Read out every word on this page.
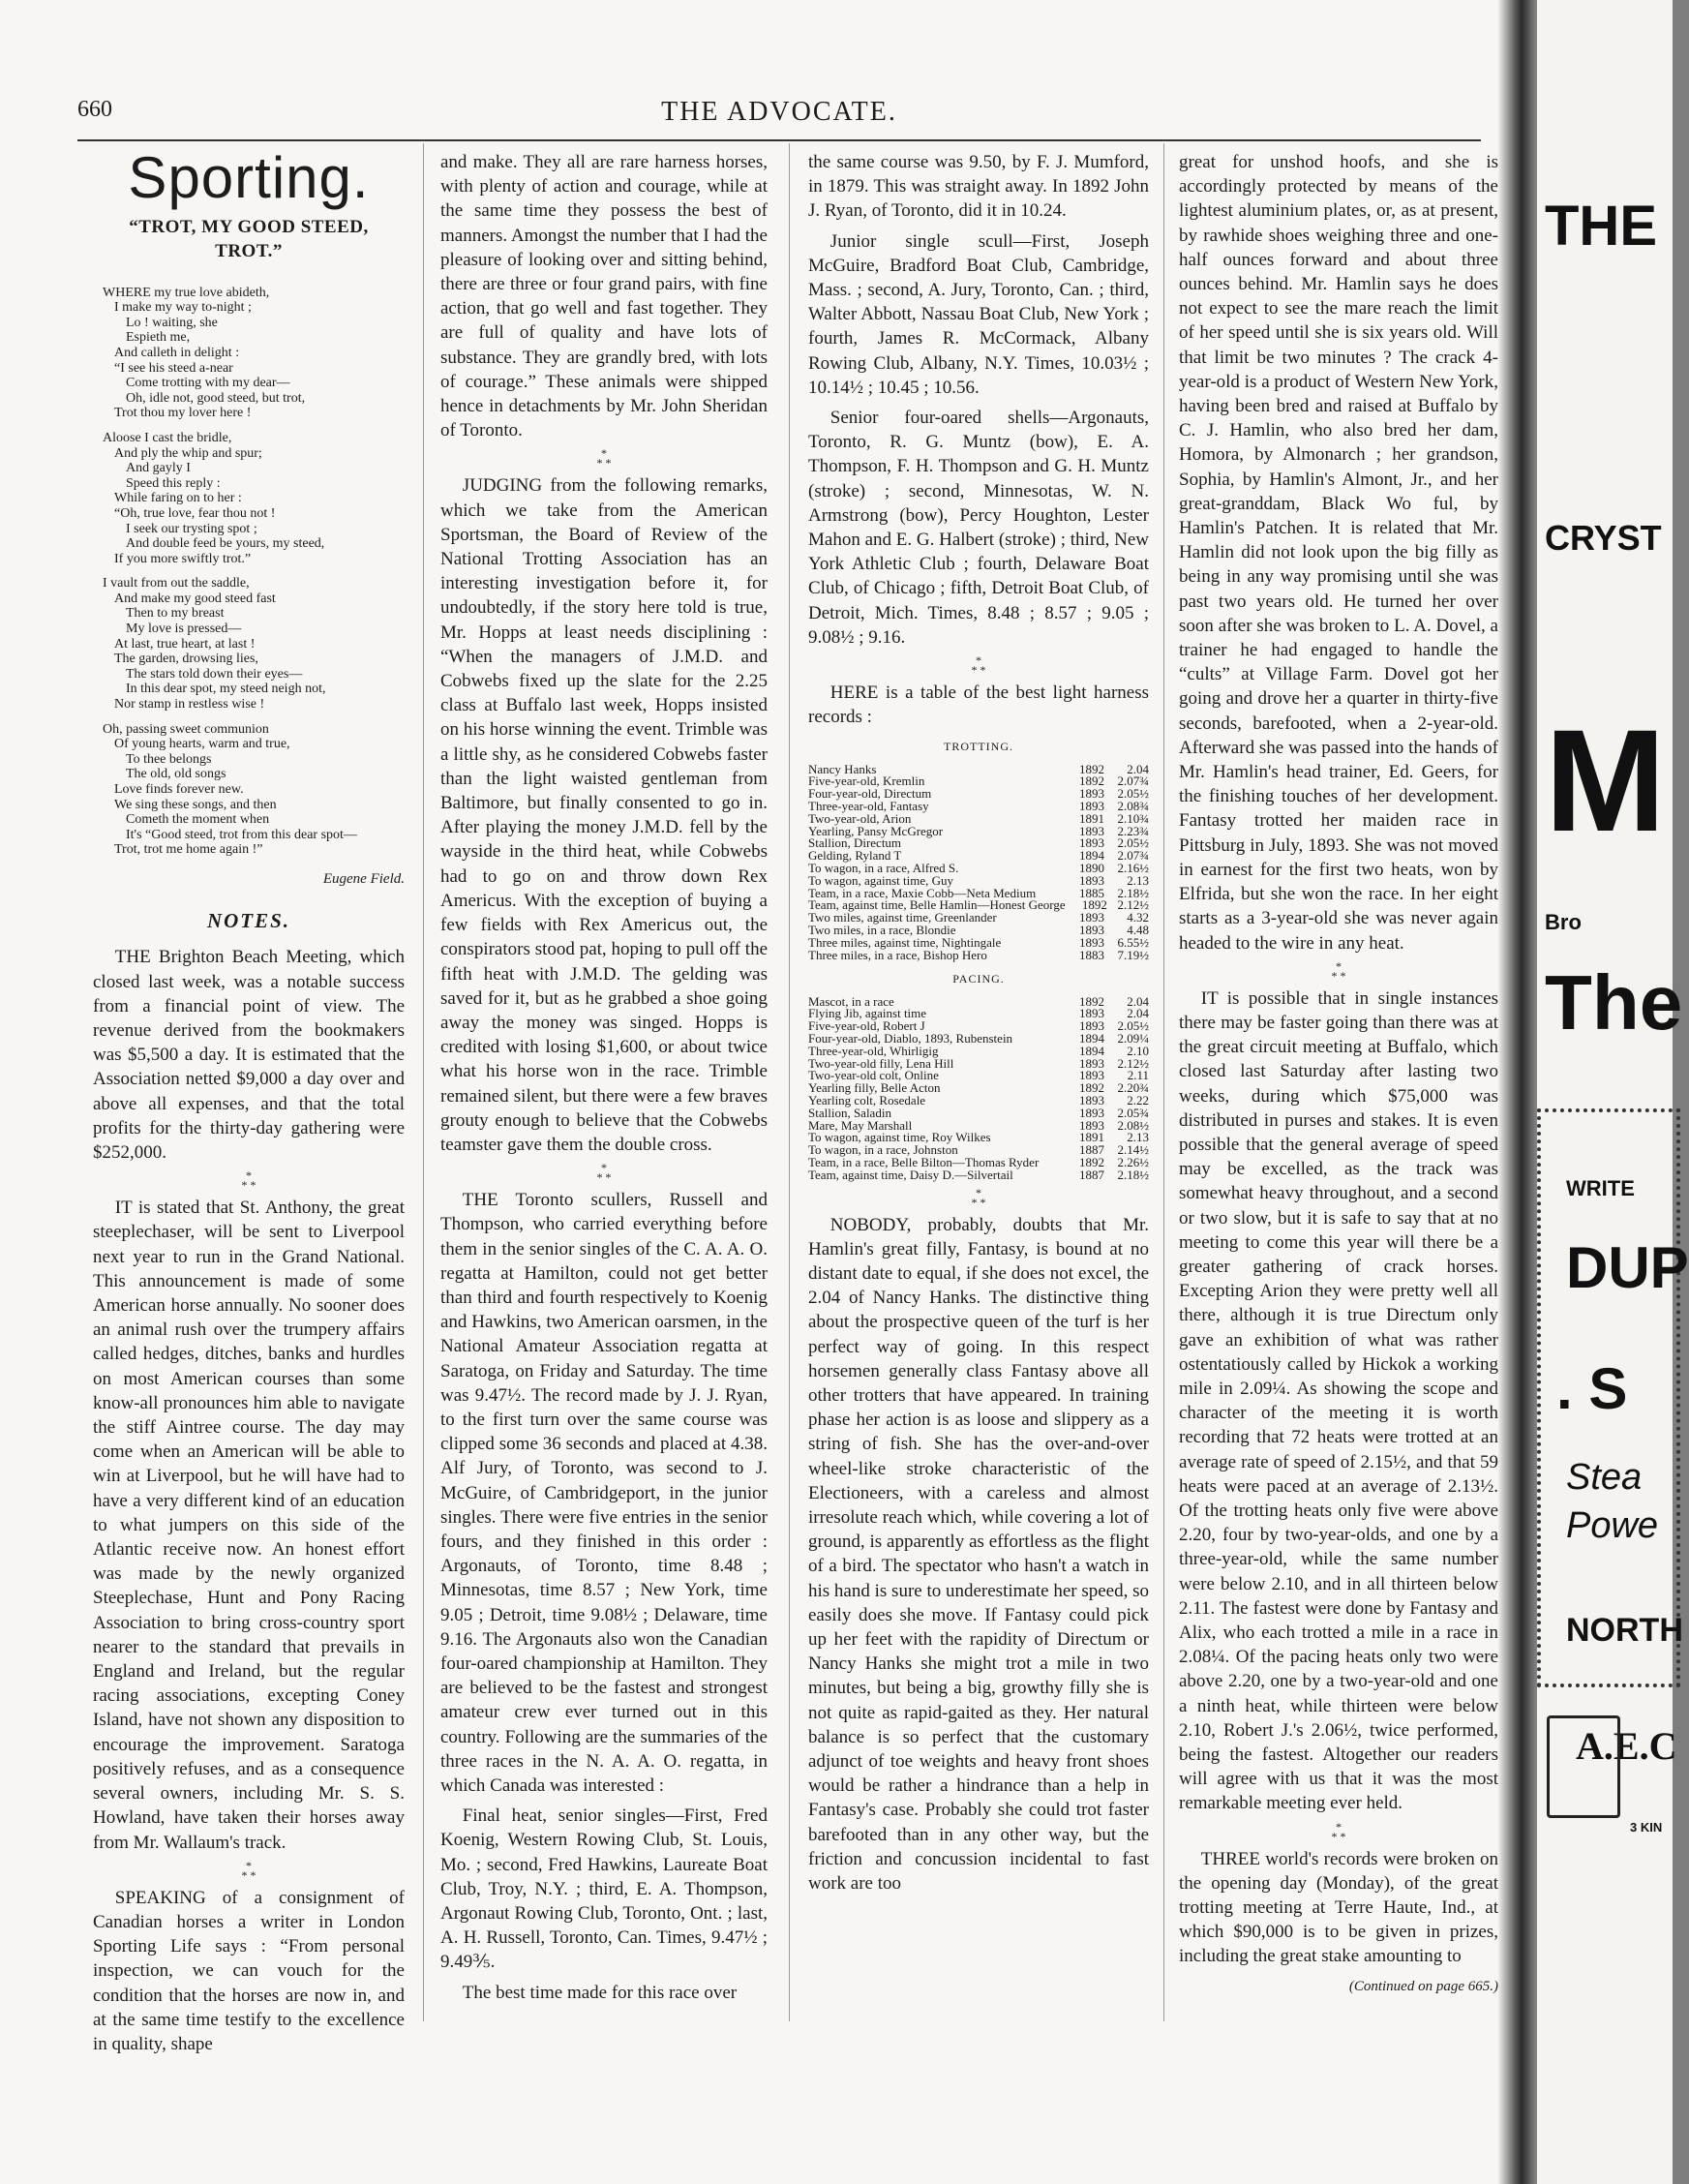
660	THE ADVOCATE.
Sporting.
“TROT, MY GOOD STEED, TROT.”
WHERE my true love abideth,
I make my way to-night ;
Lo ! waiting, she
Espieth me,
And calleth in delight :
“I see his steed a-near
Come trotting with my dear—
Oh, idle not, good steed, but trot,
Trot thou my lover here !
Aloose I cast the bridle,
And ply the whip and spur;
And gayly I
Speed this reply :
While faring on to her :
“Oh, true love, fear thou not !
I seek our trysting spot ;
And double feed be yours, my steed,
If you more swiftly trot.”
I vault from out the saddle,
And make my good steed fast
Then to my breast
My love is pressed—
At last, true heart, at last !
The garden, drowsing lies,
The stars told down their eyes—
In this dear spot, my steed neigh not,
Nor stamp in restless wise !
Oh, passing sweet communion
Of young hearts, warm and true,
To thee belongs
The old, old songs
Love finds forever new.
We sing these songs, and then
Cometh the moment when
It's “Good steed, trot from this dear spot—
Trot, trot me home again !”
Eugene Field.
NOTES.

THE Brighton Beach Meeting, which closed last week, was a notable success from a financial point of view. The revenue derived from the bookmakers was $5,500 a day. It is estimated that the Association netted $9,000 a day over and above all expenses, and that the total profits for the thirty-day gathering were $252,000.

*
* *

IT is stated that St. Anthony, the great steeplechaser, will be sent to Liverpool next year to run in the Grand National. This announcement is made of some American horse annually. No sooner does an animal rush over the trumpery affairs called hedges, ditches, banks and hurdles on most American courses than some know-all pronounces him able to navigate the stiff Aintree course. The day may come when an American will be able to win at Liverpool, but he will have had to have a very different kind of an education to what jumpers on this side of the Atlantic receive now. An honest effort was made by the newly organized Steeplechase, Hunt and Pony Racing Association to bring cross-country sport nearer to the standard that prevails in England and Ireland, but the regular racing associations, excepting Coney Island, have not shown any disposition to encourage the improvement. Saratoga positively refuses, and as a consequence several owners, including Mr. S. S. Howland, have taken their horses away from Mr. Wallaum's track.

*
* *

SPEAKING of a consignment of Canadian horses a writer in London Sporting Life says : “From personal inspection, we can vouch for the condition that the horses are now in, and at the same time testify to the excellence in quality, shape

and make. They all are rare harness horses, with plenty of action and courage, while at the same time they possess the best of manners. Amongst the number that I had the pleasure of looking over and sitting behind, there are three or four grand pairs, with fine action, that go well and fast together. They are full of quality and have lots of substance. They are grandly bred, with lots of courage.” These animals were shipped hence in detachments by Mr. John Sheridan of Toronto.

*
* *

JUDGING from the following remarks, which we take from the American Sportsman, the Board of Review of the National Trotting Association has an interesting investigation before it, for undoubtedly, if the story here told is true, Mr. Hopps at least needs disciplining : “When the managers of J.M.D. and Cobwebs fixed up the slate for the 2.25 class at Buffalo last week, Hopps insisted on his horse winning the event. Trimble was a little shy, as he considered Cobwebs faster than the light waisted gentleman from Baltimore, but finally consented to go in. After playing the money J.M.D. fell by the wayside in the third heat, while Cobwebs had to go on and throw down Rex Americus. With the exception of buying a few fields with Rex Americus out, the conspirators stood pat, hoping to pull off the fifth heat with J.M.D. The gelding was saved for it, but as he grabbed a shoe going away the money was singed. Hopps is credited with losing $1,600, or about twice what his horse won in the race. Trimble remained silent, but there were a few braves grouty enough to believe that the Cobwebs teamster gave them the double cross.

*
* *

THE Toronto scullers, Russell and Thompson, who carried everything before them in the senior singles of the C. A. A. O. regatta at Hamilton, could not get better than third and fourth respectively to Koenig and Hawkins, two American oarsmen, in the National Amateur Association regatta at Saratoga, on Friday and Saturday. The time was 9.47½. The record made by J. J. Ryan, to the first turn over the same course was clipped some 36 seconds and placed at 4.38. Alf Jury, of Toronto, was second to J. McGuire, of Cambridgeport, in the junior singles. There were five entries in the senior fours, and they finished in this order : Argonauts, of Toronto, time 8.48 ; Minnesotas, time 8.57 ; New York, time 9.05 ; Detroit, time 9.08½ ; Delaware, time 9.16. The Argonauts also won the Canadian four-oared championship at Hamilton. They are believed to be the fastest and strongest amateur crew ever turned out in this country. Following are the summaries of the three races in the N. A. A. O. regatta, in which Canada was interested :

Final heat, senior singles—First, Fred Koenig, Western Rowing Club, St. Louis, Mo. ; second, Fred Hawkins, Laureate Boat Club, Troy, N.Y. ; third, E. A. Thompson, Argonaut Rowing Club, Toronto, Ont. ; last, A. H. Russell, Toronto, Can. Times, 9.47½ ; 9.49⅗.

The best time made for this race over

the same course was 9.50, by F. J. Mumford, in 1879. This was straight away. In 1892 John J. Ryan, of Toronto, did it in 10.24.

Junior single scull—First, Joseph McGuire, Bradford Boat Club, Cambridge, Mass. ; second, A. Jury, Toronto, Can. ; third, Walter Abbott, Nassau Boat Club, New York ; fourth, James R. McCormack, Albany Rowing Club, Albany, N.Y. Times, 10.03½ ; 10.14½ ; 10.45 ; 10.56.

Senior four-oared shells—Argonauts, Toronto, R. G. Muntz (bow), E. A. Thompson, F. H. Thompson and G. H. Muntz (stroke) ; second, Minnesotas, W. N. Armstrong (bow), Percy Houghton, Lester Mahon and E. G. Halbert (stroke) ; third, New York Athletic Club ; fourth, Delaware Boat Club, of Chicago ; fifth, Detroit Boat Club, of Detroit, Mich. Times, 8.48 ; 8.57 ; 9.05 ; 9.08½ ; 9.16.

*
* *

HERE is a table of the best light harness records :

TROTTING.
Nancy Hanks	1892	2.04
Five-year-old, Kremlin	1892	2.07¾
Four-year-old, Directum	1893	2.05½
Three-year-old, Fantasy	1893	2.08¾
Two-year-old, Arion	1891	2.10¾
Yearling, Pansy McGregor	1893	2.23¾
Stallion, Directum	1893	2.05½
Gelding, Ryland T	1894	2.07¾
To wagon, in a race, Alfred S.	1890	2.16½
To wagon, against time, Guy	1893	2.13
Team, in a race, Maxie Cobb—Neta Medium	1885	2.18½
Team, against time, Belle Hamlin—Honest George	1892 2.12½
Two miles, against time, Greenlander	1893	4.32
Two miles, in a race, Blondie	1893	4.48
Three miles, against time, Nightingale	1893	6.55½
Three miles, in a race, Bishop Hero	1883	7.19½
PACING.
Mascot, in a race	1892	2.04
Flying Jib, against time	1893	2.04
Five-year-old, Robert J	1893	2.05½
Four-year-old, Diablo, 1893, Rubenstein	1894	2.09¼
Three-year-old, Whirligig	1894	2.10
Two-year-old filly, Lena Hill	1893	2.12½
Two-year-old colt, Online	1893	2.11
Yearling filly, Belle Acton	1892	2.20¾
Yearling colt, Rosedale	1893	2.22
Stallion, Saladin	1893	2.05¾
Mare, May Marshall	1893	2.08½
To wagon, against time, Roy Wilkes	1891	2.13
To wagon, in a race, Johnston	1887	2.14½
Team, in a race, Belle Bilton—Thomas Ryder	1892	2.26½
Team, against time, Daisy D.—Silvertail	1887	2.18½
*
* *

NOBODY, probably, doubts that Mr. Hamlin's great filly, Fantasy, is bound at no distant date to equal, if she does not excel, the 2.04 of Nancy Hanks. The distinctive thing about the prospective queen of the turf is her perfect way of going. In this respect horsemen generally class Fantasy above all other trotters that have appeared. In training phase her action is as loose and slippery as a string of fish. She has the over-and-over wheel-like stroke characteristic of the Electioneers, with a careless and almost irresolute reach which, while covering a lot of ground, is apparently as effortless as the flight of a bird. The spectator who hasn't a watch in his hand is sure to underestimate her speed, so easily does she move. If Fantasy could pick up her feet with the rapidity of Directum or Nancy Hanks she might trot a mile in two minutes, but being a big, growthy filly she is not quite as rapid-gaited as they. Her natural balance is so perfect that the customary adjunct of toe weights and heavy front shoes would be rather a hindrance than a help in Fantasy's case. Probably she could trot faster barefooted than in any other way, but the friction and concussion incidental to fast work are too

great for unshod hoofs, and she is accordingly protected by means of the lightest aluminium plates, or, as at present, by rawhide shoes weighing three and one-half ounces forward and about three ounces behind. Mr. Hamlin says he does not expect to see the mare reach the limit of her speed until she is six years old. Will that limit be two minutes ? The crack 4-year-old is a product of Western New York, having been bred and raised at Buffalo by C. J. Hamlin, who also bred her dam, Homora, by Almonarch ; her grandson, Sophia, by Hamlin's Almont, Jr., and her great-granddam, Black Wo ful, by Hamlin's Patchen. It is related that Mr. Hamlin did not look upon the big filly as being in any way promising until she was past two years old. He turned her over soon after she was broken to L. A. Dovel, a trainer he had engaged to handle the “cults” at Village Farm. Dovel got her going and drove her a quarter in thirty-five seconds, barefooted, when a 2-year-old. Afterward she was passed into the hands of Mr. Hamlin's head trainer, Ed. Geers, for the finishing touches of her development. Fantasy trotted her maiden race in Pittsburg in July, 1893. She was not moved in earnest for the first two heats, won by Elfrida, but she won the race. In her eight starts as a 3-year-old she was never again headed to the wire in any heat.

*
* *

IT is possible that in single instances there may be faster going than there was at the great circuit meeting at Buffalo, which closed last Saturday after lasting two weeks, during which $75,000 was distributed in purses and stakes. It is even possible that the general average of speed may be excelled, as the track was somewhat heavy throughout, and a second or two slow, but it is safe to say that at no meeting to come this year will there be a greater gathering of crack horses. Excepting Arion they were pretty well all there, although it is true Directum only gave an exhibition of what was rather ostentatiously called by Hickok a working mile in 2.09¼. As showing the scope and character of the meeting it is worth recording that 72 heats were trotted at an average rate of speed of 2.15½, and that 59 heats were paced at an average of 2.13½. Of the trotting heats only five were above 2.20, four by two-year-olds, and one by a three-year-old, while the same number were below 2.10, and in all thirteen below 2.11. The fastest were done by Fantasy and Alix, who each trotted a mile in a race in 2.08¼. Of the pacing heats only two were above 2.20, one by a two-year-old and one a ninth heat, while thirteen were below 2.10, Robert J.'s 2.06½, twice performed, being the fastest. Altogether our readers will agree with us that it was the most remarkable meeting ever held.

*
* *

THREE world's records were broken on the opening day (Monday), of the great trotting meeting at Terre Haute, Ind., at which $90,000 is to be given in prizes, including the great stake amounting to

(Continued on page 665.)
THE
CRYST
M
Bro
The
WRITE
DUP
. S
Stea
Powe
NORTH
A.E.C
3 KIN
